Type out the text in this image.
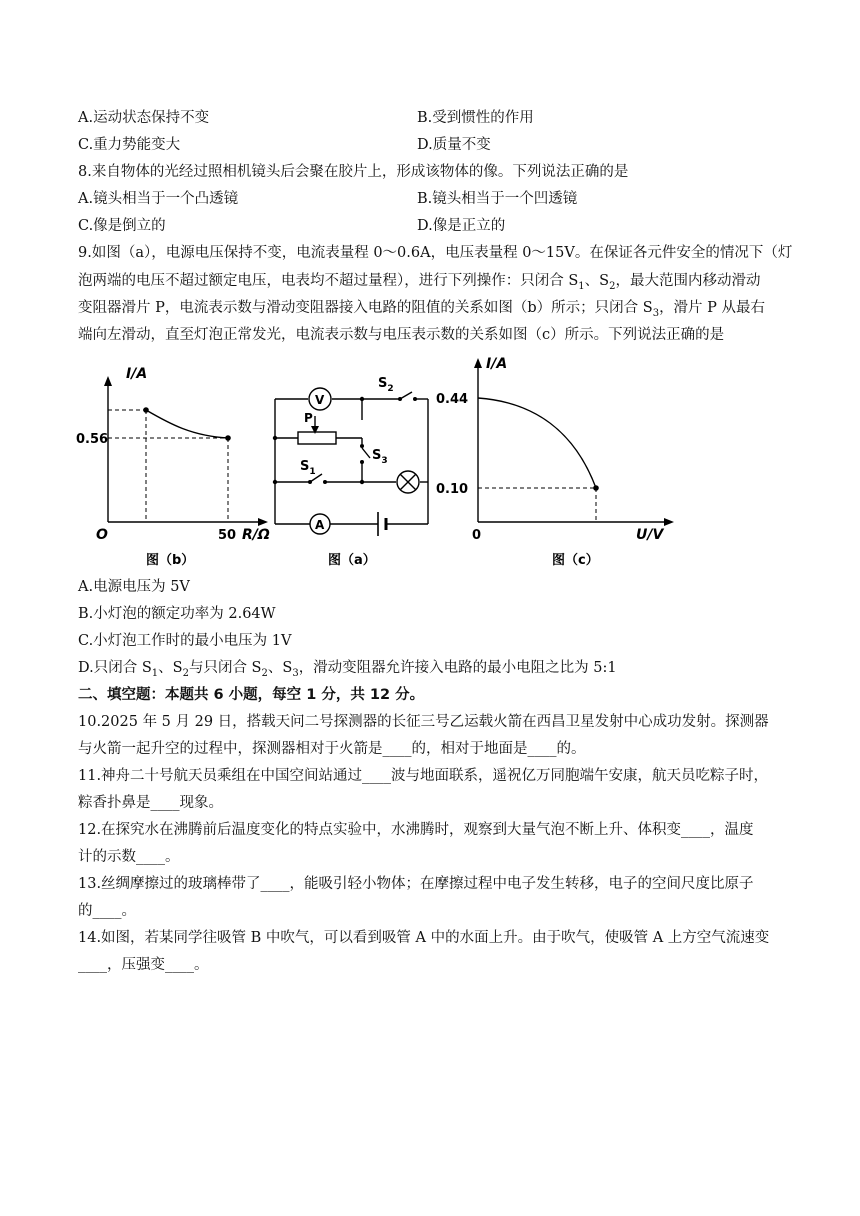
A.运动状态保持不变	B.受到惯性的作用
C.重力势能变大	D.质量不变
8.来自物体的光经过照相机镜头后会聚在胶片上，形成该物体的像。下列说法正确的是
A.镜头相当于一个凸透镜	B.镜头相当于一个凹透镜
C.像是倒立的	D.像是正立的
9.如图（a），电源电压保持不变，电流表量程 0～0.6A，电压表量程 0～15V。在保证各元件安全的情况下（灯
泡两端的电压不超过额定电压，电表均不超过量程），进行下列操作：只闭合 $S_1$、$S_2$，最大范围内移动滑动
变阻器滑片 P，电流表示数与滑动变阻器接入电路的阻值的关系如图（b）所示；只闭合 $S_3$，滑片 P 从最右
端向左滑动，直至灯泡正常发光，电流表示数与电压表示数的关系如图（c）所示。下列说法正确的是
I/A
0.56
O	50 R/Ω
图（b）
V
A
$S_2$
$S_3$
$S_1$
P
图（a）
I/A
0.44
0.10
0	U/V
图（c）
A.电源电压为 5V
B.小灯泡的额定功率为 2.64W
C.小灯泡工作时的最小电压为 1V
D.只闭合 $S_1$、$S_2$与只闭合 $S_2$、$S_3$，滑动变阻器允许接入电路的最小电阻之比为 5:1
二、填空题：本题共 6 小题，每空 1 分，共 12 分。
10.2025 年 5 月 29 日，搭载天问二号探测器的长征三号乙运载火箭在西昌卫星发射中心成功发射。探测器
与火箭一起升空的过程中，探测器相对于火箭是____的，相对于地面是____的。
11.神舟二十号航天员乘组在中国空间站通过____波与地面联系，遥祝亿万同胞端午安康，航天员吃粽子时，
粽香扑鼻是____现象。
12.在探究水在沸腾前后温度变化的特点实验中，水沸腾时，观察到大量气泡不断上升、体积变____，温度
计的示数____。
13.丝绸摩擦过的玻璃棒带了____，能吸引轻小物体；在摩擦过程中电子发生转移，电子的空间尺度比原子
的____。
14.如图，若某同学往吸管 B 中吹气，可以看到吸管 A 中的水面上升。由于吹气，使吸管 A 上方空气流速变
____，压强变____。
